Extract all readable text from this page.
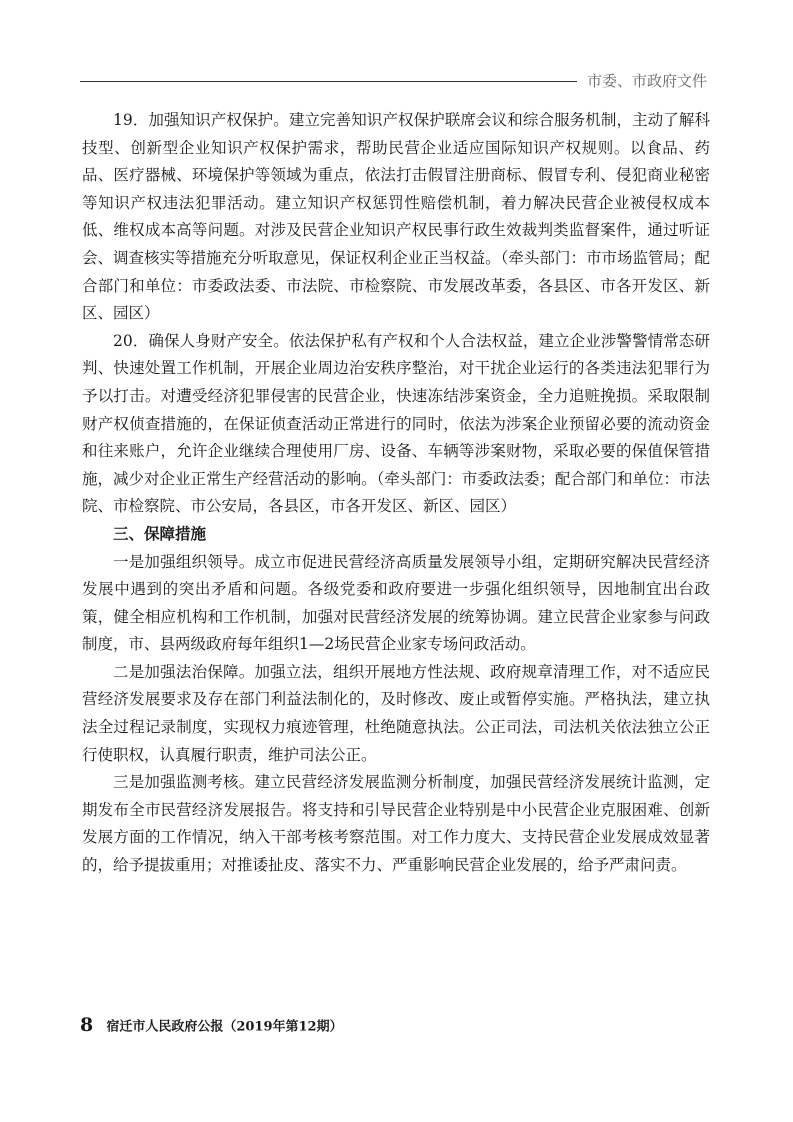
市委、市政府文件

19．加强知识产权保护。建立完善知识产权保护联席会议和综合服务机制，主动了解科技型、创新型企业知识产权保护需求，帮助民营企业适应国际知识产权规则。以食品、药品、医疗器械、环境保护等领域为重点，依法打击假冒注册商标、假冒专利、侵犯商业秘密等知识产权违法犯罪活动。建立知识产权惩罚性赔偿机制，着力解决民营企业被侵权成本低、维权成本高等问题。对涉及民营企业知识产权民事行政生效裁判类监督案件，通过听证会、调查核实等措施充分听取意见，保证权利企业正当权益。（牵头部门：市市场监管局；配合部门和单位：市委政法委、市法院、市检察院、市发展改革委，各县区、市各开发区、新区、园区）

20．确保人身财产安全。依法保护私有产权和个人合法权益，建立企业涉警警情常态研判、快速处置工作机制，开展企业周边治安秩序整治，对干扰企业运行的各类违法犯罪行为予以打击。对遭受经济犯罪侵害的民营企业，快速冻结涉案资金，全力追赃挽损。采取限制财产权侦查措施的，在保证侦查活动正常进行的同时，依法为涉案企业预留必要的流动资金和往来账户，允许企业继续合理使用厂房、设备、车辆等涉案财物，采取必要的保值保管措施，减少对企业正常生产经营活动的影响。（牵头部门：市委政法委；配合部门和单位：市法院、市检察院、市公安局，各县区，市各开发区、新区、园区）

三、保障措施

一是加强组织领导。成立市促进民营经济高质量发展领导小组，定期研究解决民营经济发展中遇到的突出矛盾和问题。各级党委和政府要进一步强化组织领导，因地制宜出台政策，健全相应机构和工作机制，加强对民营经济发展的统筹协调。建立民营企业家参与问政制度，市、县两级政府每年组织1—2场民营企业家专场问政活动。

二是加强法治保障。加强立法，组织开展地方性法规、政府规章清理工作，对不适应民营经济发展要求及存在部门利益法制化的，及时修改、废止或暂停实施。严格执法，建立执法全过程记录制度，实现权力痕迹管理，杜绝随意执法。公正司法，司法机关依法独立公正行使职权，认真履行职责，维护司法公正。

三是加强监测考核。建立民营经济发展监测分析制度，加强民营经济发展统计监测，定期发布全市民营经济发展报告。将支持和引导民营企业特别是中小民营企业克服困难、创新发展方面的工作情况，纳入干部考核考察范围。对工作力度大、支持民营企业发展成效显著的，给予提拔重用；对推诿扯皮、落实不力、严重影响民营企业发展的，给予严肃问责。

8 宿迁市人民政府公报（2019年第12期）
